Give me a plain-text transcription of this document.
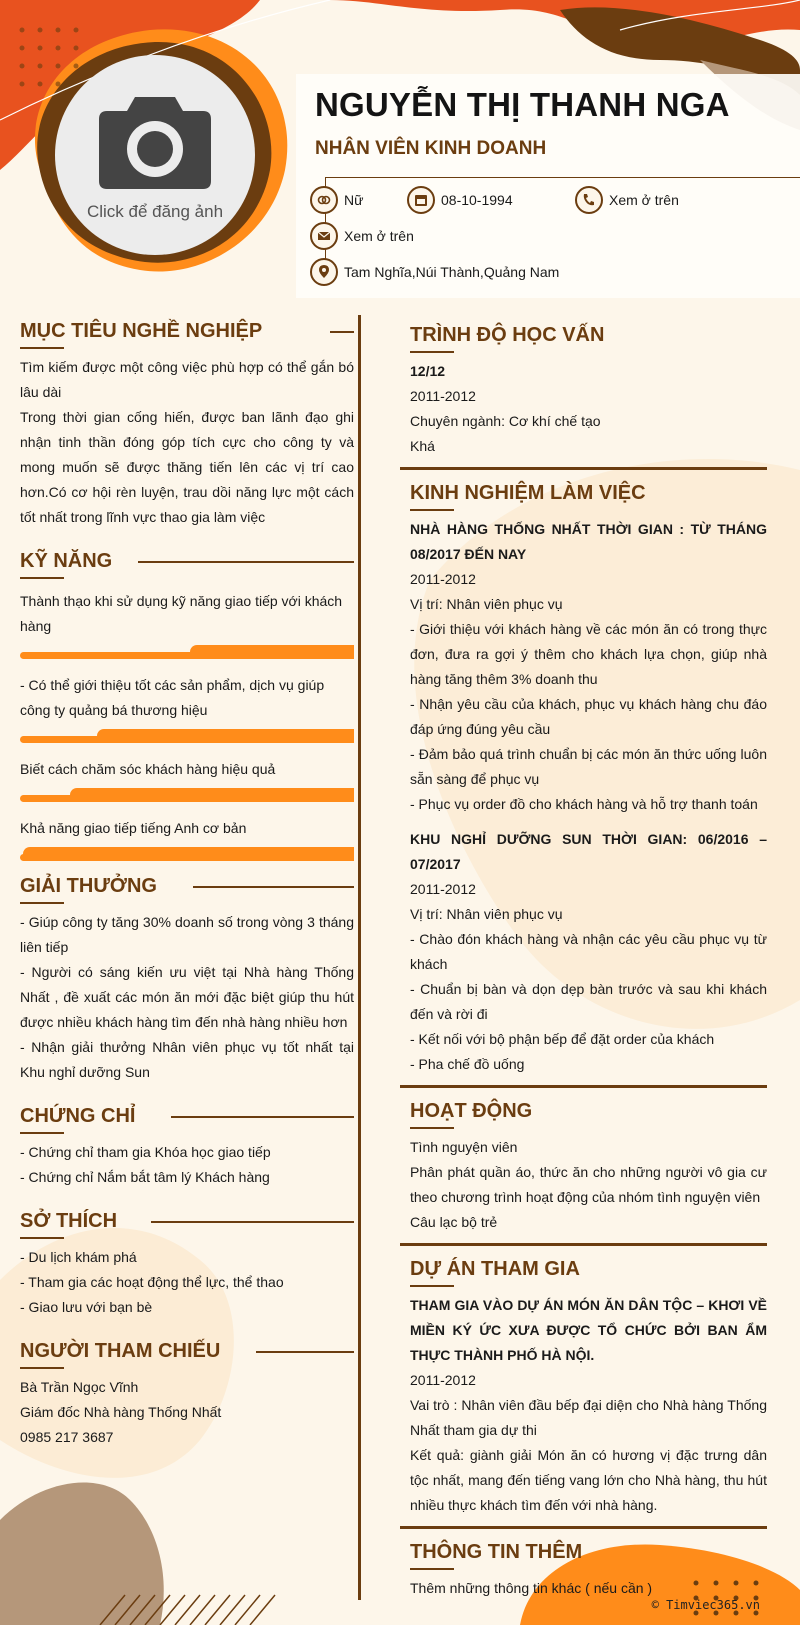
Click để đăng ảnh
NGUYỄN THỊ THANH NGA
NHÂN VIÊN KINH DOANH
Nữ	08-10-1994	Xem ở trên
Xem ở trên
Tam Nghĩa,Núi Thành,Quảng Nam
MỤC TIÊU NGHỀ NGHIỆP
Tìm kiếm được một công việc phù hợp có thể gắn bó lâu dài
Trong thời gian cống hiến, được ban lãnh đạo ghi nhận tinh thần đóng góp tích cực cho công ty và mong muốn sẽ được thăng tiến lên các vị trí cao hơn.Có cơ hội rèn luyện, trau dồi năng lực một cách tốt nhất trong lĩnh vực thao gia làm việc
KỸ NĂNG
Thành thạo khi sử dụng kỹ năng giao tiếp với khách hàng
- Có thể giới thiệu tốt các sản phẩm, dịch vụ giúp công ty quảng bá thương hiệu
Biết cách chăm sóc khách hàng hiệu quả
Khả năng giao tiếp tiếng Anh cơ bản
GIẢI THƯỞNG
- Giúp công ty tăng 30% doanh số trong vòng 3 tháng liên tiếp
- Người có sáng kiến ưu việt tại Nhà hàng Thống Nhất , đề xuất các món ăn mới đặc biệt giúp thu hút được nhiều khách hàng tìm đến nhà hàng nhiều hơn
- Nhận giải thưởng Nhân viên phục vụ tốt nhất tại Khu nghỉ dưỡng Sun
CHỨNG CHỈ
- Chứng chỉ tham gia Khóa học giao tiếp
- Chứng chỉ Nắm bắt tâm lý Khách hàng
SỞ THÍCH
- Du lịch khám phá
- Tham gia các hoạt động thể lực, thể thao
- Giao lưu với bạn bè
NGƯỜI THAM CHIẾU
Bà Trần Ngọc Vĩnh
Giám đốc Nhà hàng Thống Nhất
0985 217 3687
TRÌNH ĐỘ HỌC VẤN
12/12
2011-2012
Chuyên ngành: Cơ khí chế tạo
Khá
KINH NGHIỆM LÀM VIỆC
NHÀ HÀNG THỐNG NHẤT THỜI GIAN : TỪ THÁNG 08/2017 ĐẾN NAY
2011-2012
Vị trí: Nhân viên phục vụ
- Giới thiệu với khách hàng về các món ăn có trong thực đơn, đưa ra gợi ý thêm cho khách lựa chọn, giúp nhà hàng tăng thêm 3% doanh thu
- Nhận yêu cầu của khách, phục vụ khách hàng chu đáo đáp ứng đúng yêu cầu
- Đảm bảo quá trình chuẩn bị các món ăn thức uống luôn sẵn sàng để phục vụ
- Phục vụ order đồ cho khách hàng và hỗ trợ thanh toán
KHU NGHỈ DƯỠNG SUN THỜI GIAN: 06/2016 – 07/2017
2011-2012
Vị trí: Nhân viên phục vụ
- Chào đón khách hàng và nhận các yêu cầu phục vụ từ khách
- Chuẩn bị bàn và dọn dẹp bàn trước và sau khi khách đến và rời đi
- Kết nối với bộ phận bếp để đặt order của khách
- Pha chế đồ uống
HOẠT ĐỘNG
Tình nguyện viên
Phân phát quần áo, thức ăn cho những người vô gia cư theo chương trình hoạt động của nhóm tình nguyện viên
Câu lạc bộ trẻ
DỰ ÁN THAM GIA
THAM GIA VÀO DỰ ÁN MÓN ĂN DÂN TỘC – KHƠI VỀ MIỀN KÝ ỨC XƯA ĐƯỢC TỔ CHỨC BỞI BAN ẨM THỰC THÀNH PHỐ HÀ NỘI.
2011-2012
Vai trò : Nhân viên đầu bếp đại diện cho Nhà hàng Thống Nhất tham gia dự thi
Kết quả: giành giải Món ăn có hương vị đặc trưng dân tộc nhất, mang đến tiếng vang lớn cho Nhà hàng, thu hút nhiều thực khách tìm đến với nhà hàng.
THÔNG TIN THÊM
Thêm những thông tin khác ( nếu cần )
© Timviec365.vn
